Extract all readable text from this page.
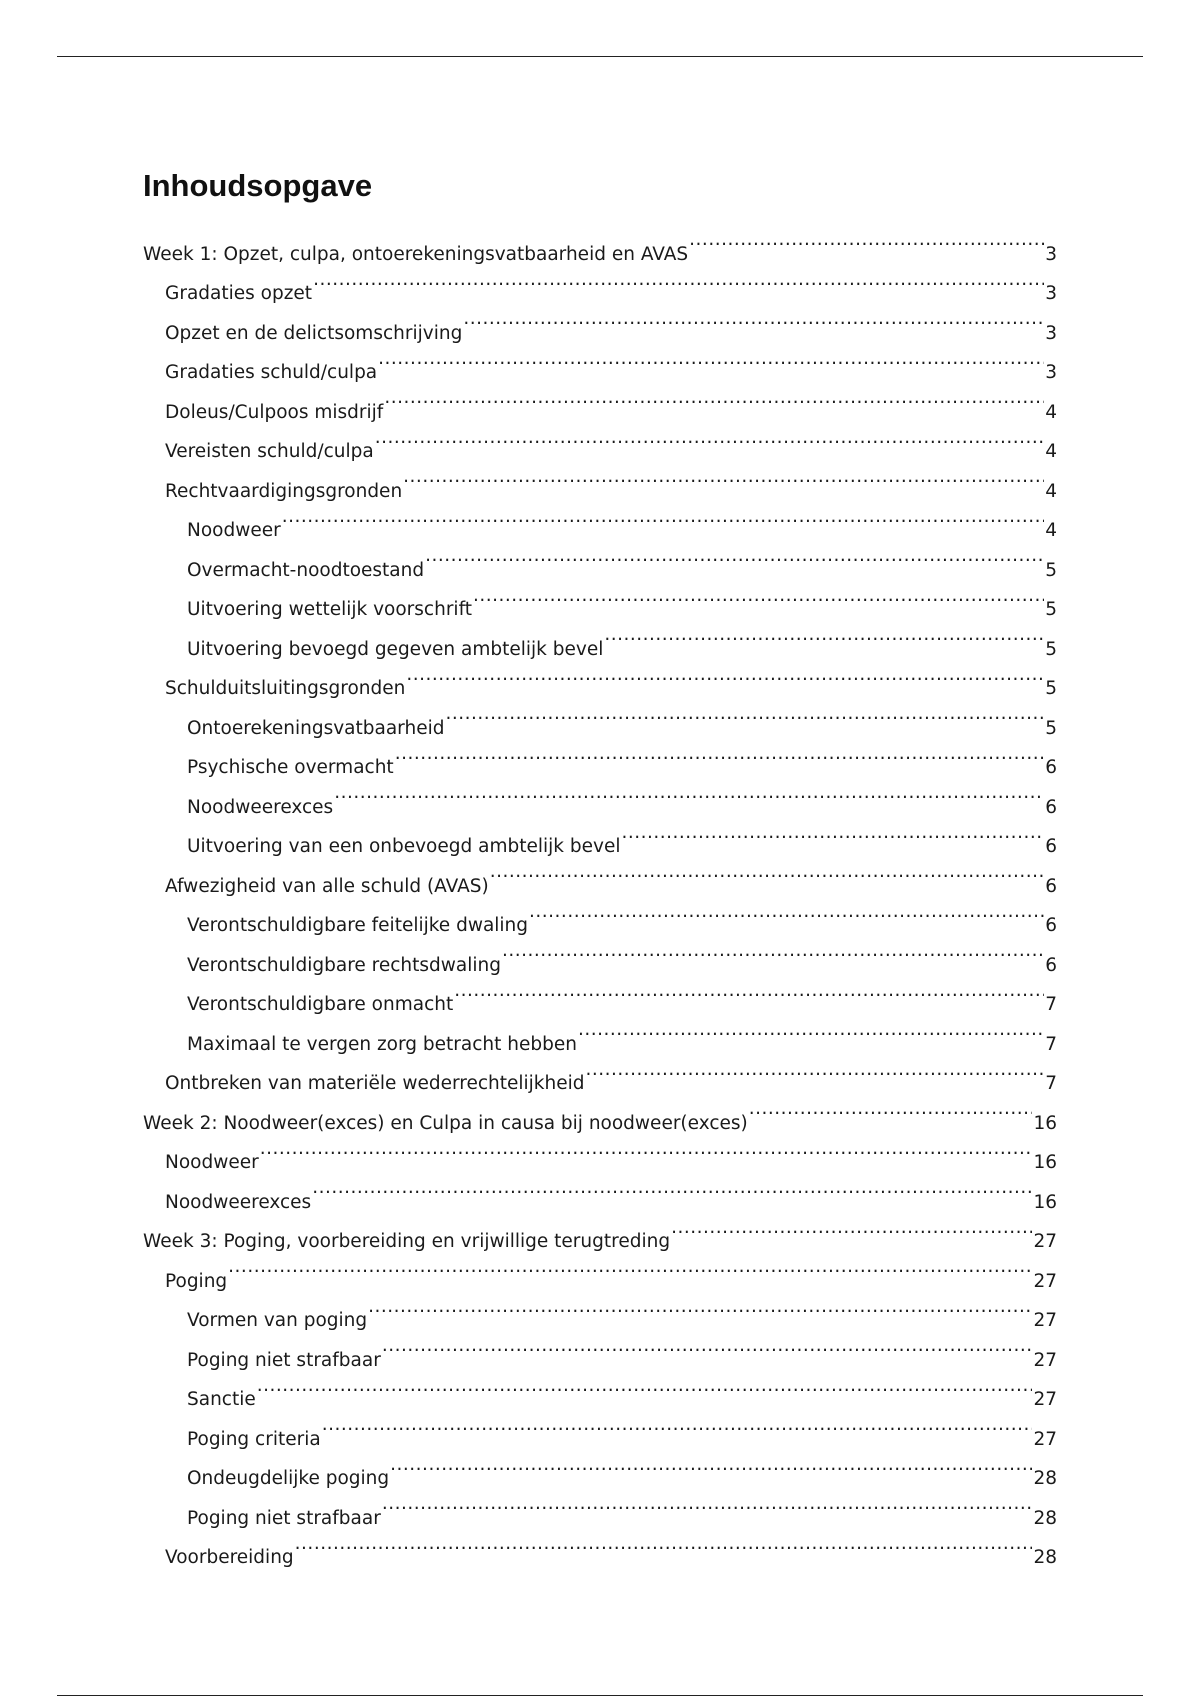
Inhoudsopgave
Week 1: Opzet, culpa, ontoerekeningsvatbaarheid en AVAS .....	3
Gradaties opzet .....	3
Opzet en de delictsomschrijving .....	3
Gradaties schuld/culpa .....	3
Doleus/Culpoos misdrijf .....	4
Vereisten schuld/culpa .....	4
Rechtvaardigingsgronden .....	4
Noodweer .....	4
Overmacht-noodtoestand .....	5
Uitvoering wettelijk voorschrift .....	5
Uitvoering bevoegd gegeven ambtelijk bevel .....	5
Schulduitsluitingsgronden .....	5
Ontoerekeningsvatbaarheid .....	5
Psychische overmacht .....	6
Noodweerexces .....	6
Uitvoering van een onbevoegd ambtelijk bevel .....	6
Afwezigheid van alle schuld (AVAS) .....	6
Verontschuldigbare feitelijke dwaling .....	6
Verontschuldigbare rechtsdwaling .....	6
Verontschuldigbare onmacht .....	7
Maximaal te vergen zorg betracht hebben .....	7
Ontbreken van materiële wederrechtelijkheid .....	7
Week 2: Noodweer(exces) en Culpa in causa bij noodweer(exces) .....	16
Noodweer .....	16
Noodweerexces .....	16
Week 3: Poging, voorbereiding en vrijwillige terugtreding .....	27
Poging .....	27
Vormen van poging .....	27
Poging niet strafbaar .....	27
Sanctie .....	27
Poging criteria .....	27
Ondeugdelijke poging .....	28
Poging niet strafbaar .....	28
Voorbereiding .....	28
